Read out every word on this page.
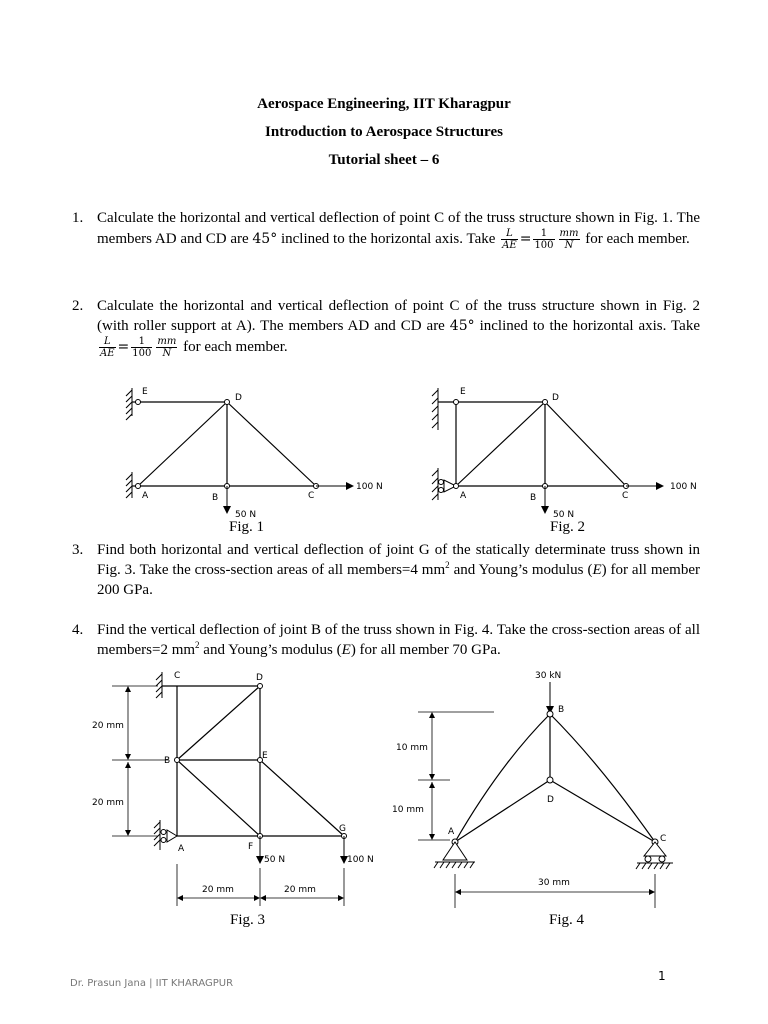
Aerospace Engineering, IIT Kharagpur
Introduction to Aerospace Structures
Tutorial sheet – 6
1. Calculate the horizontal and vertical deflection of point C of the truss structure shown in Fig. 1. The members AD and CD are 45° inclined to the horizontal axis. Take $\frac{L}{AE} = \frac{1}{100} \frac{mm}{N}$ for each member.
2. Calculate the horizontal and vertical deflection of point C of the truss structure shown in Fig. 2 (with roller support at A). The members AD and CD are 45° inclined to the horizontal axis. Take
$\frac{L}{AE} = \frac{1}{100} \frac{mm}{N}$ for each member.
E
D
A	B	C
100 N
50 N
Fig. 1
E
D
A	B	C
100 N
50 N
Fig. 2
3. Find both horizontal and vertical deflection of joint G of the statically determinate truss shown in Fig. 3. Take the cross-section areas of all members=4 $mm^2$ and Young’s modulus (E) for all member 200 GPa.
4. Find the vertical deflection of joint B of the truss shown in Fig. 4. Take the cross-section areas of all members=2 $mm^2$ and Young’s modulus (E) for all member 70 GPa.
20 mm
20 mm
20 mm	20 mm
C	D
B	E
A	F
G
50 N	100 N
Fig. 3
30 kN
10 mm
10 mm
30 mm
B
D
A
C
Fig. 4
1
Dr. Prasun Jana | IIT KHARAGPUR
